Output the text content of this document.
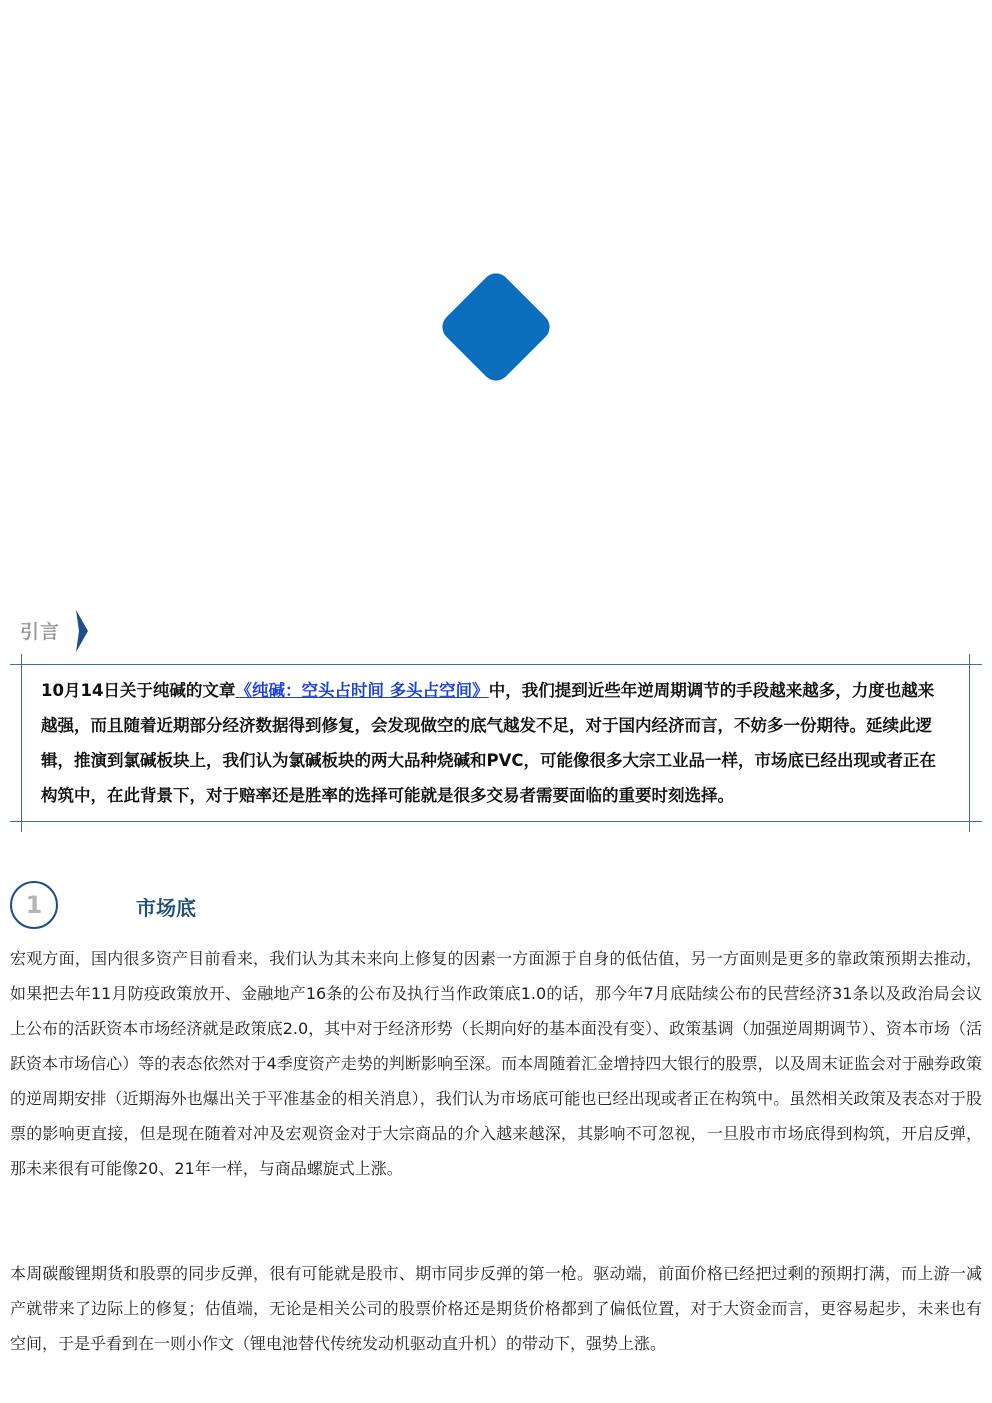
引言
10月14日关于纯碱的文章《纯碱：空头占时间 多头占空间》中，我们提到近些年逆周期调节的手段越来越多，力度也越来越强，而且随着近期部分经济数据得到修复，会发现做空的底气越发不足，对于国内经济而言，不妨多一份期待。延续此逻辑，推演到氯碱板块上，我们认为氯碱板块的两大品种烧碱和PVC，可能像很多大宗工业品一样，市场底已经出现或者正在构筑中，在此背景下，对于赔率还是胜率的选择可能就是很多交易者需要面临的重要时刻选择。
1	市场底

宏观方面，国内很多资产目前看来，我们认为其未来向上修复的因素一方面源于自身的低估值，另一方面则是更多的靠政策预期去推动，如果把去年11月防疫政策放开、金融地产16条的公布及执行当作政策底1.0的话，那今年7月底陆续公布的民营经济31条以及政治局会议上公布的活跃资本市场经济就是政策底2.0，其中对于经济形势（长期向好的基本面没有变）、政策基调（加强逆周期调节）、资本市场（活跃资本市场信心）等的表态依然对于4季度资产走势的判断影响至深。而本周随着汇金增持四大银行的股票，以及周末证监会对于融券政策的逆周期安排（近期海外也爆出关于平准基金的相关消息），我们认为市场底可能也已经出现或者正在构筑中。虽然相关政策及表态对于股票的影响更直接，但是现在随着对冲及宏观资金对于大宗商品的介入越来越深，其影响不可忽视，一旦股市市场底得到构筑，开启反弹，那未来很有可能像20、21年一样，与商品螺旋式上涨。

本周碳酸锂期货和股票的同步反弹，很有可能就是股市、期市同步反弹的第一枪。驱动端，前面价格已经把过剩的预期打满，而上游一减产就带来了边际上的修复；估值端，无论是相关公司的股票价格还是期货价格都到了偏低位置，对于大资金而言，更容易起步，未来也有空间，于是乎看到在一则小作文（锂电池替代传统发动机驱动直升机）的带动下，强势上涨。
